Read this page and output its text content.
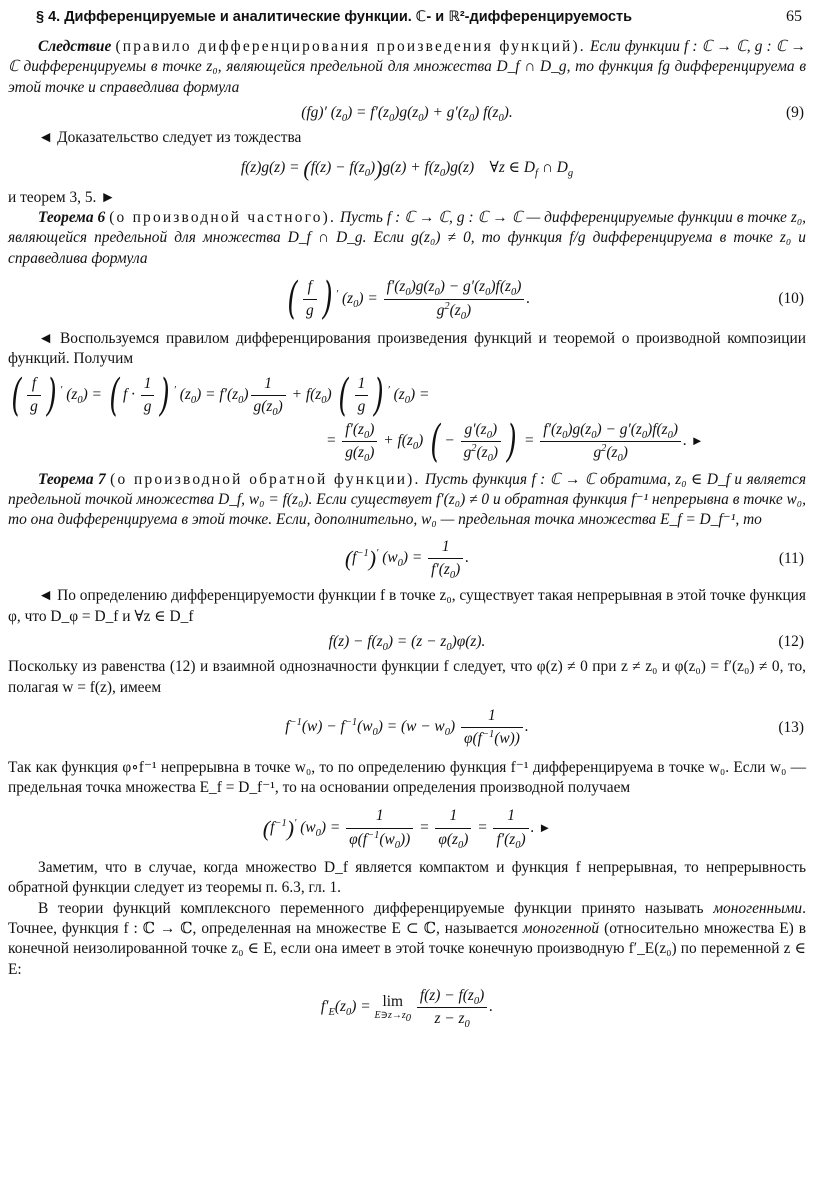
§ 4. Дифференцируемые и аналитические функции. ℂ- и ℝ²-дифференцируемость	65

Следствие (правило дифференцирования произведения функций). Если функции f : ℂ → ℂ, g : ℂ → ℂ дифференцируемы в точке z₀, являющейся предельной для множества D_f ∩ D_g, то функция fg дифференцируема в этой точке и справедлива формула

(fg)′ $(z_0) = f'(z_0)g(z_0) + g'(z_0)$ $f(z_0)$.	(9)

◄ Доказательство следует из тождества

$f(z)g(z) = (f(z) - f(z_0))g(z) + f(z_0)g(z)$    ∀z ∈ $D_f$ ∩ $D_g$

и теорем 3, 5. ►

Теорема 6 (о производной частного). Пусть f : ℂ → ℂ, g : ℂ → ℂ — дифференцируемые функции в точке z₀, являющейся предельной для множества D_f ∩ D_g. Если g(z₀) ≠ 0, то функция f/g дифференцируема в точке z₀ и справедлива формула

( $\frac{f}{g}$ ) ′ $(z_0) = \frac{f'(z_0)g(z_0) - g'(z_0)f(z_0)}{g^2(z_0)}$ .	(10)

◄ Воспользуемся правилом дифференцирования произведения функций и теоремой о производной композиции функций. Получим

( $\frac{f}{g}$ ) ′ $(z_0)$ = ( $f \cdot \frac{1}{g}$ ) ′ $(z_0) = f'(z_0) \frac{1}{g(z_0)} + f(z_0)$ ( $\frac{1}{g}$ ) ′ $(z_0)$ =
= $\frac{f'(z_0)}{g(z_0)} + f(z_0)$ ( − $\frac{g'(z_0)}{g^2(z_0)}$ ) = $\frac{f'(z_0)g(z_0) - g'(z_0)f(z_0)}{g^2(z_0)}$ . ►

Теорема 7 (о производной обратной функции). Пусть функция f : ℂ → ℂ обратима, z₀ ∈ D_f и является предельной точкой множества D_f, w₀ = f(z₀). Если существует f′(z₀) ≠ 0 и обратная функция f⁻¹ непрерывна в точке w₀, то она дифференцируема в этой точке. Если, дополнительно, w₀ — предельная точка множества E_f = D_f⁻¹, то

$(f^{-1})'$ $(w_0) = \frac{1}{f'(z_0)}$ .	(11)

◄ По определению дифференцируемости функции f в точке z₀, существует такая непрерывная в этой точке функция φ, что D_φ = D_f и ∀z ∈ D_f

$f(z) - f(z_0) = (z - z_0)\varphi(z)$.	(12)

Поскольку из равенства (12) и взаимной однозначности функции f следует, что φ(z) ≠ 0 при z ≠ z₀ и φ(z₀) = f′(z₀) ≠ 0, то, полагая w = f(z), имеем

$f^{-1}(w) - f^{-1}(w_0) = (w - w_0) \frac{1}{\varphi(f^{-1}(w))}$ .	(13)

Так как функция φ∘f⁻¹ непрерывна в точке w₀, то по определению функция f⁻¹ дифференцируема в точке w₀. Если w₀ — предельная точка множества E_f = D_f⁻¹, то на основании определения производной получаем

$(f^{-1})'$ $(w_0) = \frac{1}{\varphi(f^{-1}(w_0))} = \frac{1}{\varphi(z_0)} = \frac{1}{f'(z_0)}$ . ►

Заметим, что в случае, когда множество D_f является компактом и функция f непрерывная, то непрерывность обратной функции следует из теоремы п. 6.3, гл. 1.

В теории функций комплексного переменного дифференцируемые функции принято называть моногенными. Точнее, функция f : ℂ → ℂ, определенная на множестве E ⊂ ℂ, называется моногенной (относительно множества E) в конечной неизолированной точке z₀ ∈ E, если она имеет в этой точке конечную производную f′_E(z₀) по переменной z ∈ E:

$f'_E(z_0) = \lim$
$E∋z\to z_0$
$\frac{f(z) - f(z_0)}{z - z_0}$ .
